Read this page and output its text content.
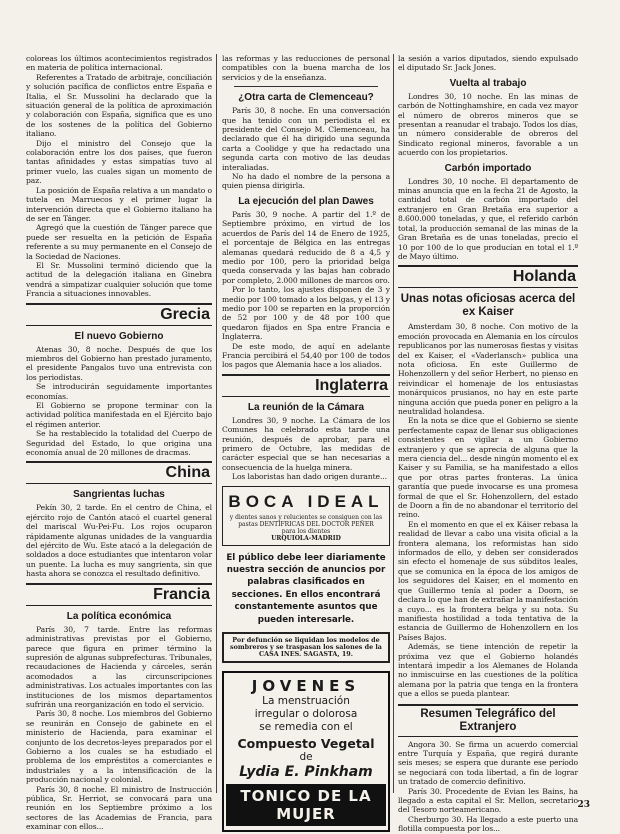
coloreas los últimos acontecimientos registrados en materia de política internacional.

Referentes a Tratado de arbitraje, conciliación y solución pacífica de conflictos entre España e Italia, el Sr. Mussolini ha declarado que la situación general de la política de aproximación y colaboración con España, significa que es uno de los sostenes de la política del Gobierno italiano.

Dijo el ministro del Consejo que la colaboración entre los dos países, que fueron tantas afinidades y estas simpatías tuvo al primer vuelo, las cuales sigan un momento de paz.

La posición de España relativa a un mandato o tutela en Marruecos y el primer lugar la intervención directa que el Gobierno italiano ha de ser en Tánger.

Agregó que la cuestión de Tánger parece que puede ser resuelta en la petición de España referente a su muy permanente en el Consejo de la Sociedad de Naciones.

El Sr. Mussolini terminó diciendo que la actitud de la delegación italiana en Ginebra vendrá a simpatizar cualquier solución que tome Francia a situaciones innovables.

Grecia
El nuevo Gobierno

Atenas 30, 8 noche. Después de que los miembros del Gobierno han prestado juramento, el presidente Pangalos tuvo una entrevista con los periodistas.

Se introducirán seguidamente importantes economías.

El Gobierno se propone terminar con la actividad política manifestada en el Ejército bajo el régimen anterior.

Se ha restablecido la totalidad del Cuerpo de Seguridad del Estado, lo que origina una economía anual de 20 millones de dracmas.

China
Sangrientas luchas

Pekín 30, 2 tarde. En el centro de China, el ejército rojo de Cantón atacó el cuartel general del mariscal Wu-Pei-Fu. Los rojos ocuparon rápidamente algunas unidades de la vanguardia del ejército de Wu. Este atacó a la delegación de soldados a doce estudiantes que intentaron volar un puente. La lucha es muy sangrienta, sin que hasta ahora se conozca el resultado definitivo.

Francia
La política económica

París 30, 7 tarde. Entre las reformas administrativas previstas por el Gobierno, parece que figura en primer término la supresión de algunas subprefecturas. Tribunales, recaudaciones de Hacienda y cárceles, serán acomodados a las circunscripciones administrativas. Los actuales importantes con las instituciones de los mismos departamentos sufrirán una reorganización en todo el servicio.

París 30, 8 noche. Los miembros del Gobierno se reunirán en Consejo de gabinete en el ministerio de Hacienda, para examinar el conjunto de los decretos-leyes preparados por el Gobierno a los cuales se ha estudiado el problema de los empréstitos a comerciantes e industriales y a la intensificación de la producción nacional y colonial.

París 30, 8 noche. El ministro de Instrucción pública, Sr. Herriot, se convocará para una reunión en los Septiembre próximo a los sectores de las Academias de Francia, para examinar con ellos...

las reformas y las reducciones de personal compatibles con la buena marcha de los servicios y de la enseñanza.

¿Otra carta de Clemenceau?

París 30, 8 noche. En una conversación que ha tenido con un periodista el ex presidente del Consejo M. Clemenceau, ha declarado que él ha dirigido una segunda carta a Coolidge y que ha redactado una segunda carta con motivo de las deudas interaliadas.

No ha dado el nombre de la persona a quien piensa dirigirla.

La ejecución del plan Dawes

París 30, 9 noche. A partir del 1.º de Septiembre próximo, en virtud de los acuerdos de París del 14 de Enero de 1925, el porcentaje de Bélgica en las entregas alemanas quedará reducido de 8 a 4,5 y medio por 100, pero la prioridad belga queda conservada y las bajas han cobrado por completo, 2.000 millones de marcos oro.

Por lo tanto, los ajustes disponen de 3 y medio por 100 tomado a los belgas, y el 13 y medio por 100 se reparten en la proporción de 52 por 100 y de 48 por 100 que quedaron fijados en Spa entre Francia e Inglaterra.

De este modo, de aquí en adelante Francia percibirá el 54,40 por 100 de todos los pagos que Alemania hace a los aliados.

Inglaterra
La reunión de la Cámara

Londres 30, 9 noche. La Cámara de los Comunes ha celebrado esta tarde una reunión, después de aprobar, para el primero de Octubre, las medidas de carácter especial que se han necesarias a consecuencia de la huelga minera.

Los laboristas han dado origen durante...

BOCA IDEAL
y dientes sanos y relucientes se consiguen con las pastas DENTÍFRICAS DEL DOCTOR PEÑER
para los dientes
URQUIOLA-MADRID
El público debe leer diariamente nuestra sección de anuncios por palabras clasificados en secciones. En ellos encontrará constantemente asuntos que pueden interesarle.
Por defunción se liquidan los modelos de sombreros y se traspasan los salones de la CASA INES. SAGASTA, 19.
JOVENES
La menstruación
irregular o dolorosa
se remedia con el
Compuesto Vegetal
de
Lydia E. Pinkham
TONICO DE LA MUJER

la sesión a varios diputados, siendo expulsado el diputado Sr. Jack Jones.

Vuelta al trabajo

Londres 30, 10 noche. En las minas de carbón de Nottinghamshire, en cada vez mayor el número de obreros mineros que se presentan a reanudar el trabajo. Todos los días, un número considerable de obreros del Sindicato regional mineros, favorable a un acuerdo con los propietarios.

Carbón importado

Londres 30, 10 noche. El departamento de minas anuncia que en la fecha 21 de Agosto, la cantidad total de carbón importado del extranjero en Gran Bretaña era superior a 8.600.000 toneladas, y que, el referido carbón total, la producción semanal de las minas de la Gran Bretaña es de unas toneladas, precio el 10 por 100 de lo que producían en total el 1.º de Mayo último.

Holanda
Unas notas oficiosas acerca del ex Kaiser

Amsterdam 30, 8 noche. Con motivo de la emoción provocada en Alemania en los círculos republicanos por las numerosas fiestas y visitas del ex Kaiser, el «Vaderlansch» publica una nota oficiosa. En este Guillermo de Hohenzollern y del señor Herbert, no pienso en reivindicar el homenaje de los entusiastas monárquicos prusianos, no hay en este parte ninguna acción que pueda poner en peligro a la neutralidad holandesa.

En la nota se dice que el Gobierno se siente perfectamente capaz de llenar sus obligaciones consistentes en vigilar a un Gobierno extranjero y que se aprecia de alguna que la mera ciencia del... desde ningún momento el ex Kaiser y su Familia, se ha manifestado a ellos que por otras partes fronteras. La única garantía que puede invocarse es una promesa formal de que el Sr. Hohenzollern, del estado de Doorn a fin de no abandonar el territorio del reino.

En el momento en que el ex Káiser rebasa la realidad de llevar a cabo una visita oficial a la frontera alemana, los reformistas han sido informados de ello, y deben ser considerados sin efecto el homenaje de sus súbditos leales, que se comunica en la época de los amigos de los seguidores del Kaiser, en el momento en que Guillermo tenía al poder a Doorn, se declara lo que han de extrañar la manifestación a cuyo... es la frontera belga y su nota. Su manifiesta hostilidad a toda tentativa de la estancia de Guillermo de Hohenzollern en los Países Bajos.

Además, se tiene intención de repetir la próxima vez que el Gobierno holandés intentará impedir a los Alemanes de Holanda no inmiscuirse en las cuestiones de la política alemana por la patria que tenga en la frontera que a ellos se pueda plantear.

Resumen Telegráfico del Extranjero

Angora 30. Se firma un acuerdo comercial entre Turquía y España, que regirá durante seis meses; se espera que durante ese período se negociará con toda libertad, a fin de lograr un tratado de comercio definitivo.

París 30. Procedente de Evian les Bains, ha llegado a esta capital el Sr. Mellon, secretario del Tesoro norteamericano.

Cherburgo 30. Ha llegado a este puerto una flotilla compuesta por los...

23
